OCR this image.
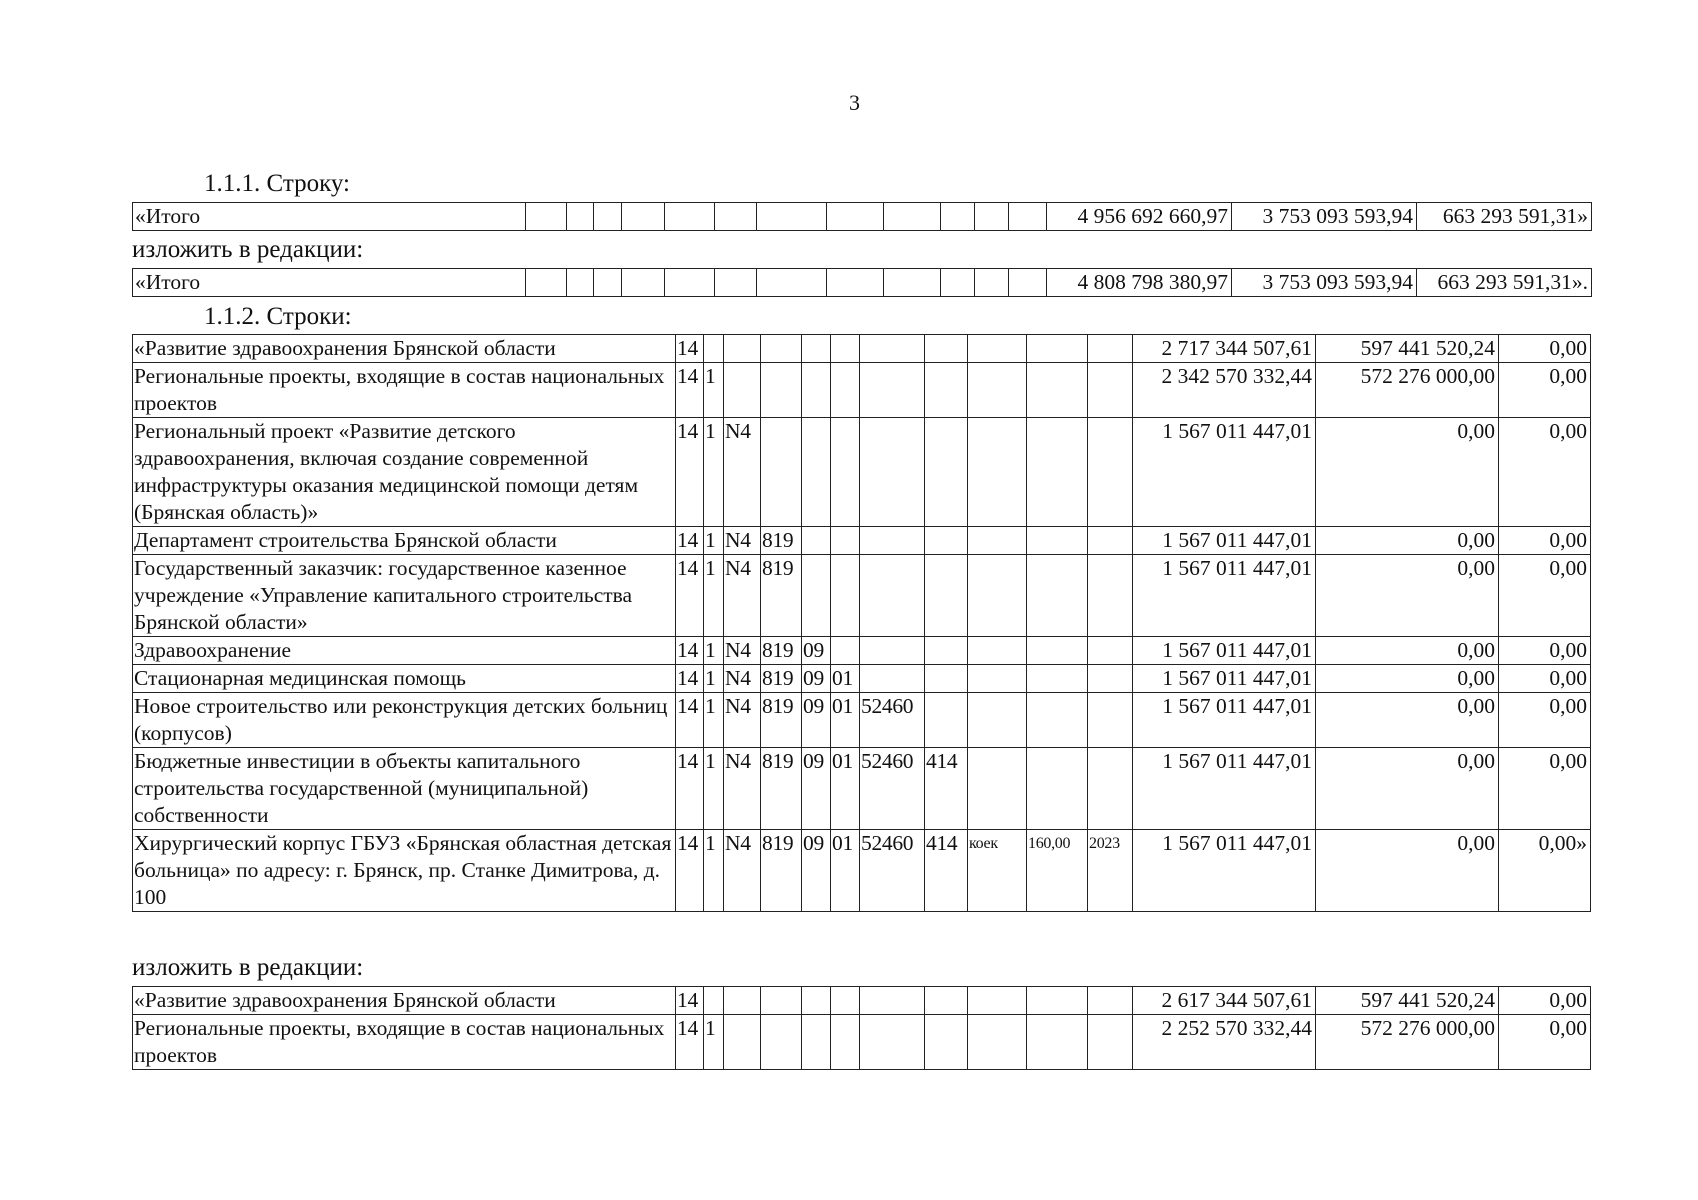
3
1.1.1. Строку:
«Итого													4 956 692 660,97	3 753 093 593,94	663 293 591,31»
изложить в редакции:
«Итого													4 808 798 380,97	3 753 093 593,94	663 293 591,31».
1.1.2. Строки:
«Развитие здравоохранения Брянской области	14											2 717 344 507,61	597 441 520,24	0,00
Региональные проекты, входящие в состав национальных проектов	14	1										2 342 570 332,44	572 276 000,00	0,00
Региональный проект «Развитие детского здравоохранения, включая создание современной инфраструктуры оказания медицинской помощи детям (Брянская область)»	14	1	N4									1 567 011 447,01	0,00	0,00
Департамент строительства Брянской области	14	1	N4	819								1 567 011 447,01	0,00	0,00
Государственный заказчик: государственное казенное учреждение «Управление капитального строительства Брянской области»	14	1	N4	819								1 567 011 447,01	0,00	0,00
Здравоохранение	14	1	N4	819	09							1 567 011 447,01	0,00	0,00
Стационарная медицинская помощь	14	1	N4	819	09	01						1 567 011 447,01	0,00	0,00
Новое строительство или реконструкция детских больниц (корпусов)	14	1	N4	819	09	01	52460					1 567 011 447,01	0,00	0,00
Бюджетные инвестиции в объекты капитального строительства государственной (муниципальной) собственности	14	1	N4	819	09	01	52460	414				1 567 011 447,01	0,00	0,00
Хирургический корпус ГБУЗ «Брянская областная детская больница» по адресу: г. Брянск, пр. Станке Димитрова, д. 100	14	1	N4	819	09	01	52460	414	коек	160,00	2023	1 567 011 447,01	0,00	0,00»
изложить в редакции:
«Развитие здравоохранения Брянской области	14											2 617 344 507,61	597 441 520,24	0,00
Региональные проекты, входящие в состав национальных проектов	14	1										2 252 570 332,44	572 276 000,00	0,00
